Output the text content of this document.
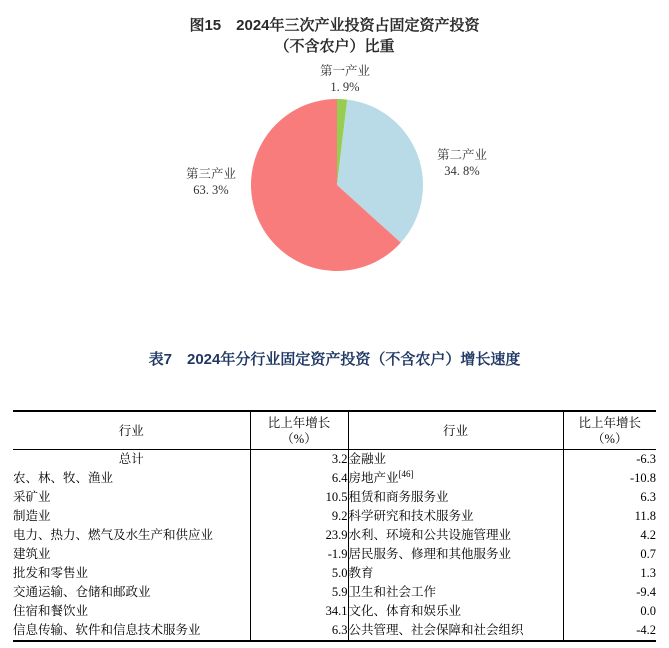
图15　2024年三次产业投资占固定资产投资
（不含农户）比重
第一产业
1. 9%
第二产业
34. 8%
第三产业
63. 3%
表7　2024年分行业固定资产投资（不含农户）增长速度
行业	
比上年增长
（%）
	行业	
比上年增长
（%）

总计	3.2	金融业	-6.3
农、林、牧、渔业	6.4	房地产业[46]	-10.8
采矿业	10.5	租赁和商务服务业	6.3
制造业	9.2	科学研究和技术服务业	11.8
电力、热力、燃气及水生产和供应业	23.9	水利、环境和公共设施管理业	4.2
建筑业	-1.9	居民服务、修理和其他服务业	0.7
批发和零售业	5.0	教育	1.3
交通运输、仓储和邮政业	5.9	卫生和社会工作	-9.4
住宿和餐饮业	34.1	文化、体育和娱乐业	0.0
信息传输、软件和信息技术服务业	6.3	公共管理、社会保障和社会组织	-4.2
